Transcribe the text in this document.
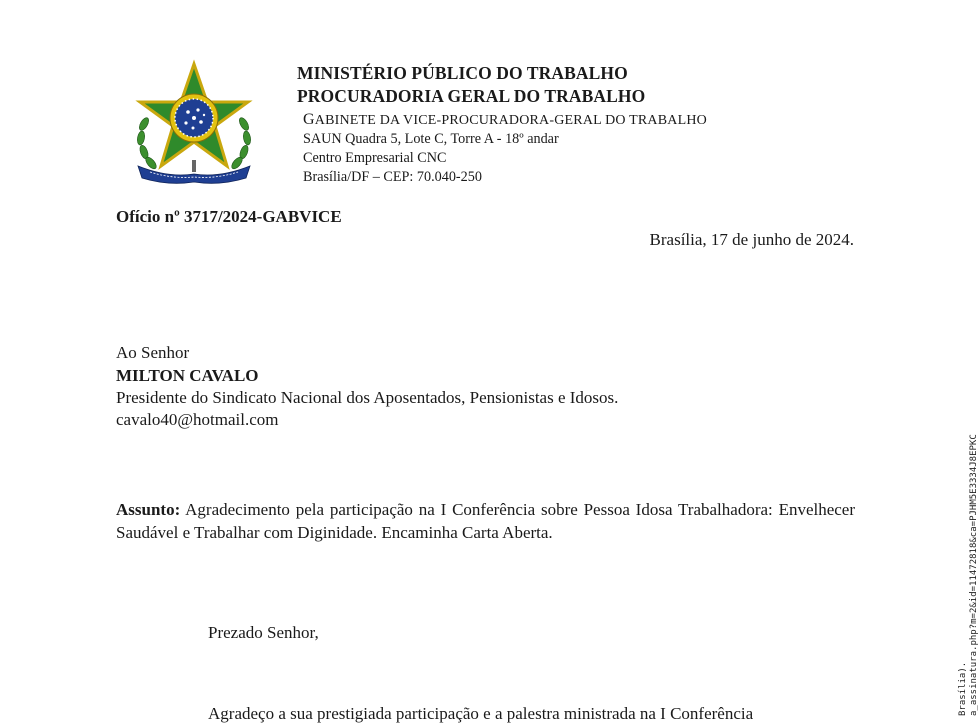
MINISTÉRIO PÚBLICO DO TRABALHO
PROCURADORIA GERAL DO TRABALHO
GABINETE DA VICE-PROCURADORA-GERAL DO TRABALHO
SAUN Quadra 5, Lote C, Torre A - 18º andar
Centro Empresarial CNC
Brasília/DF – CEP: 70.040-250
Ofício nº 3717/2024-GABVICE
Brasília, 17 de junho de 2024.
Ao Senhor
MILTON CAVALO
Presidente do Sindicato Nacional dos Aposentados, Pensionistas e Idosos.
cavalo40@hotmail.com
Assunto: Agradecimento pela participação na I Conferência sobre Pessoa Idosa Trabalhadora: Envelhecer Saudável e Trabalhar com Diginidade. Encaminha Carta Aberta.
Prezado Senhor,
Agradeço a sua prestigiada participação e a palestra ministrada na I Conferência	Brasília). a_assinatura.php?m=2&id=11472818&ca=PJHM5E3334J8EPKC
